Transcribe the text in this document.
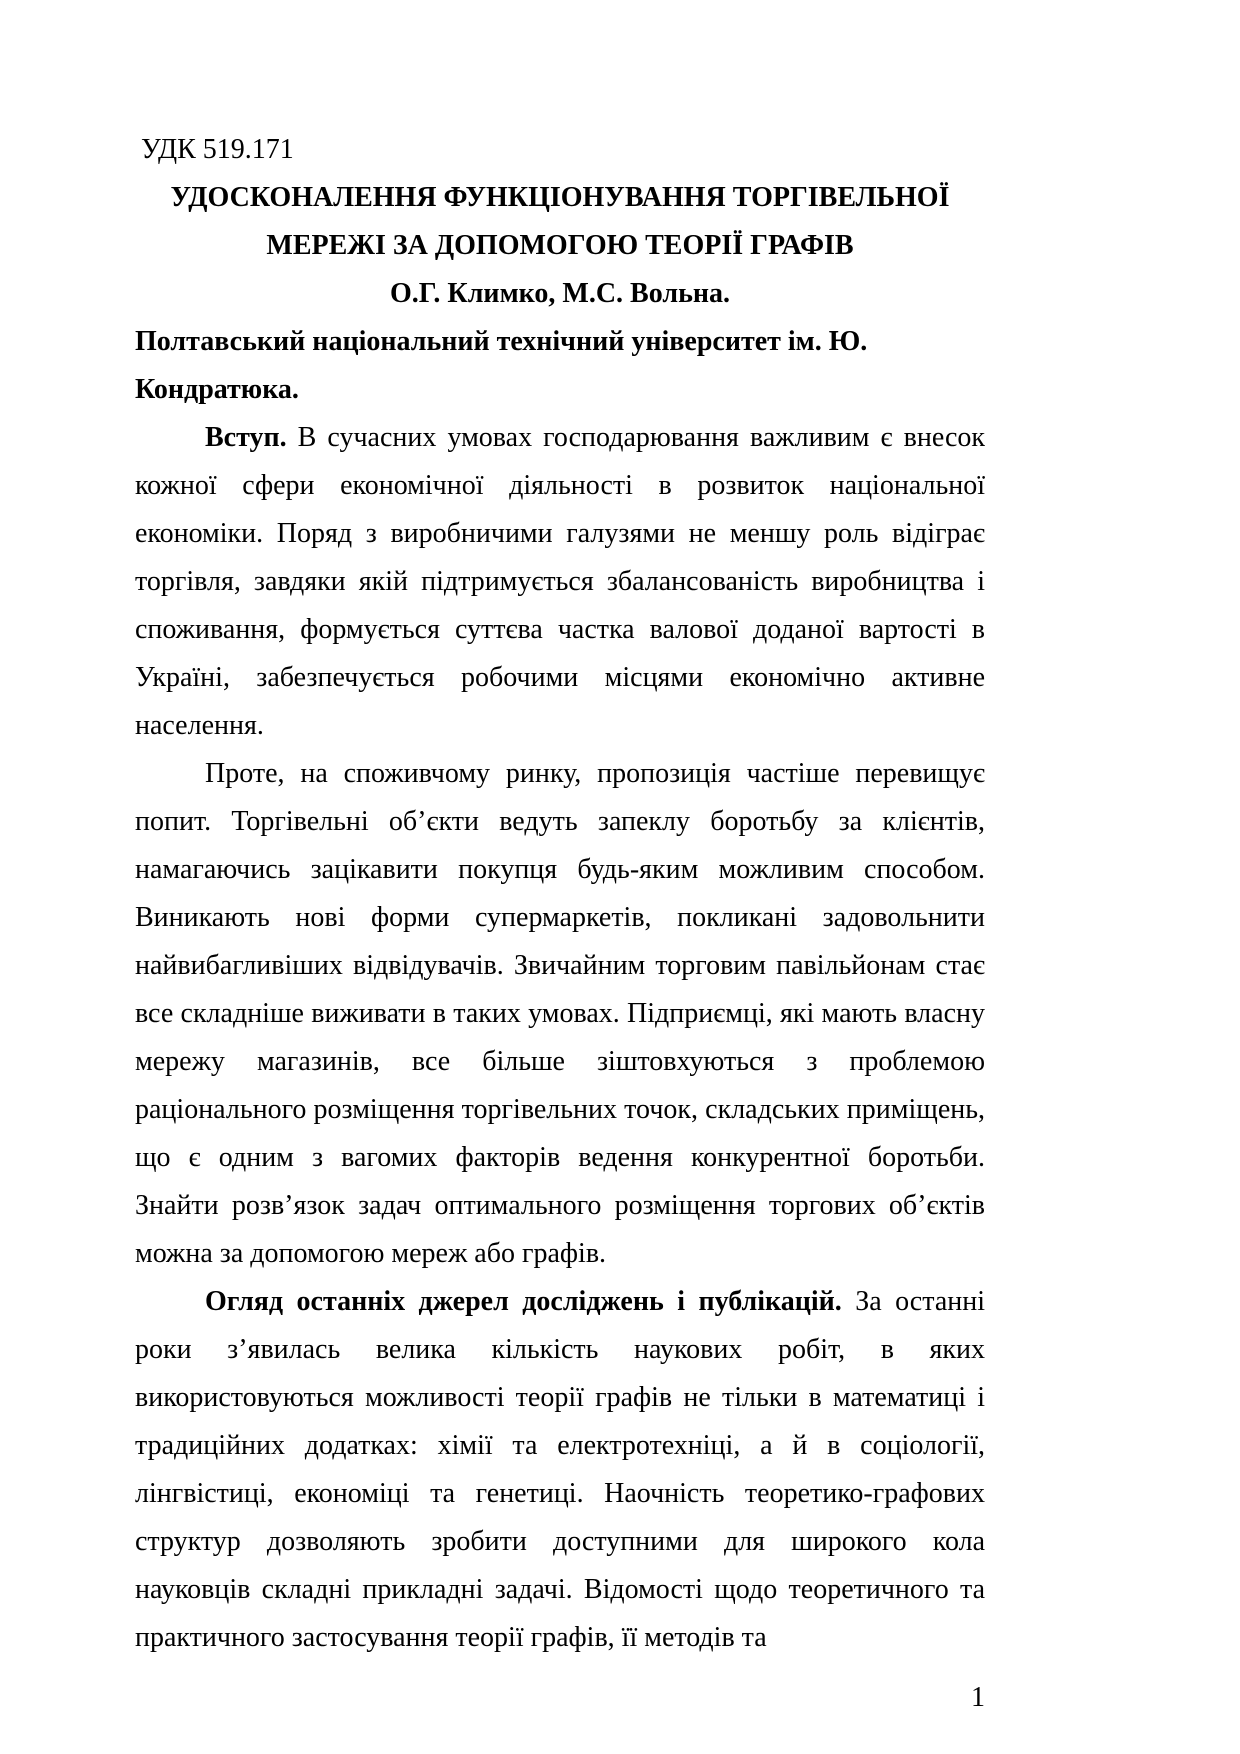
УДК 519.171
УДОСКОНАЛЕННЯ ФУНКЦІОНУВАННЯ ТОРГІВЕЛЬНОЇ
МЕРЕЖІ ЗА ДОПОМОГОЮ ТЕОРІЇ ГРАФІВ
О.Г. Климко, М.С. Вольна.
Полтавський національний технічний університет ім. Ю. Кондратюка.

Вступ. В сучасних умовах господарювання важливим є внесок кожної сфери економічної діяльності в розвиток національної економіки. Поряд з виробничими галузями не меншу роль відіграє торгівля, завдяки якій підтримується збалансованість виробництва і споживання, формується суттєва частка валової доданої вартості в Україні, забезпечується робочими місцями економічно активне населення.

Проте, на споживчому ринку, пропозиція частіше перевищує попит. Торгівельні об’єкти ведуть запеклу боротьбу за клієнтів, намагаючись зацікавити покупця будь-яким можливим способом. Виникають нові форми супермаркетів, покликані задовольнити найвибагливіших відвідувачів. Звичайним торговим павільйонам стає все складніше виживати в таких умовах. Підприємці, які мають власну мережу магазинів, все більше зіштовхуються з проблемою раціонального розміщення торгівельних точок, складських приміщень, що є одним з вагомих факторів ведення конкурентної боротьби. Знайти розв’язок задач оптимального розміщення торгових об’єктів можна за допомогою мереж або графів.

Огляд останніх джерел досліджень і публікацій. За останні роки з’явилась велика кількість наукових робіт, в яких використовуються можливості теорії графів не тільки в математиці і традиційних додатках: хімії та електротехніці, а й в соціології, лінгвістиці, економіці та генетиці. Наочність теоретико-графових структур дозволяють зробити доступними для широкого кола науковців складні прикладні задачі. Відомості щодо теоретичного та практичного застосування теорії графів, її методів та

1
